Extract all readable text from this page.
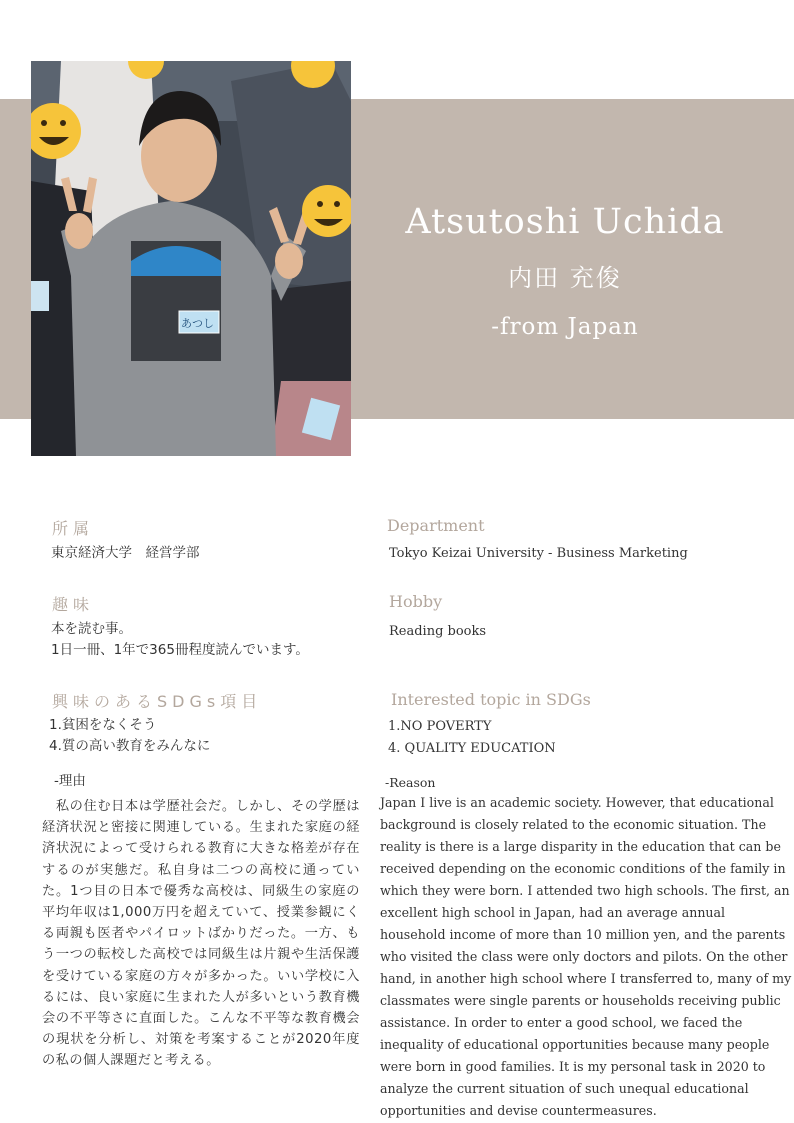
あつし
Atsutoshi Uchida
内田 充俊
-from Japan
所属
東京経済大学　経営学部
Department
Tokyo Keizai University - Business Marketing
趣味
本を読む事。
1日一冊、1年で365冊程度読んでいます。
Hobby
Reading books
興味のあるSDGs項目
1.貧困をなくそう
4.質の高い教育をみんなに
Interested topic in SDGs
1.NO POVERTY
4. QUALITY EDUCATION
-理由
　私の住む日本は学歴社会だ。しかし、その学歴は経済状況と密接に関連している。生まれた家庭の経済状況によって受けられる教育に大きな格差が存在するのが実態だ。私自身は二つの高校に通っていた。1つ目の日本で優秀な高校は、同級生の家庭の平均年収は1,000万円を超えていて、授業参観にくる両親も医者やパイロットばかりだった。一方、もう一つの転校した高校では同級生は片親や生活保護を受けている家庭の方々が多かった。いい学校に入るには、良い家庭に生まれた人が多いという教育機会の不平等さに直面した。こんな不平等な教育機会の現状を分析し、対策を考案することが2020年度の私の個人課題だと考える。
-Reason
Japan I live is an academic society. However, that educational background is closely related to the economic situation. The reality is there is a large disparity in the education that can be received depending on the economic conditions of the family in which they were born. I attended two high schools. The first, an excellent high school in Japan, had an average annual household income of more than 10 million yen, and the parents who visited the class were only doctors and pilots. On the other hand, in another high school where I transferred to, many of my classmates were single parents or households receiving public assistance. In order to enter a good school, we faced the inequality of educational opportunities because many people were born in good families. It is my personal task in 2020 to analyze the current situation of such unequal educational opportunities and devise countermeasures.
